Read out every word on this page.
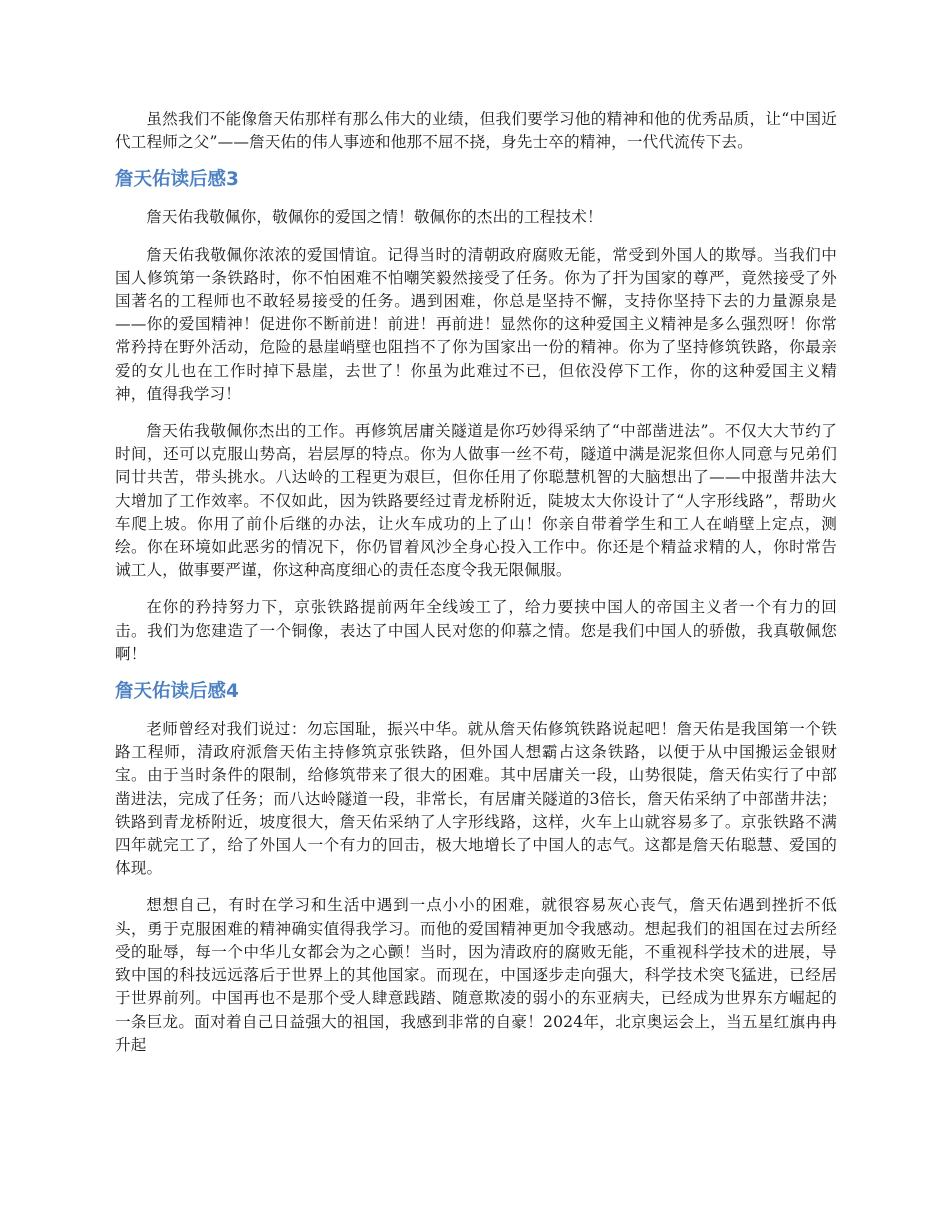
虽然我们不能像詹天佑那样有那么伟大的业绩，但我们要学习他的精神和他的优秀品质，让“中国近代工程师之父”——詹天佑的伟人事迹和他那不屈不挠，身先士卒的精神，一代代流传下去。

詹天佑读后感3

詹天佑我敬佩你，敬佩你的爱国之情！敬佩你的杰出的工程技术！

詹天佑我敬佩你浓浓的爱国情谊。记得当时的清朝政府腐败无能，常受到外国人的欺辱。当我们中国人修筑第一条铁路时，你不怕困难不怕嘲笑毅然接受了任务。你为了扞为国家的尊严，竟然接受了外国著名的工程师也不敢轻易接受的任务。遇到困难，你总是坚持不懈，支持你坚持下去的力量源泉是——你的爱国精神！促进你不断前进！前进！再前进！显然你的这种爱国主义精神是多么强烈呀！你常常矜持在野外活动，危险的悬崖峭壁也阻挡不了你为国家出一份的精神。你为了坚持修筑铁路，你最亲爱的女儿也在工作时掉下悬崖，去世了！你虽为此难过不已，但依没停下工作，你的这种爱国主义精神，值得我学习！

詹天佑我敬佩你杰出的工作。再修筑居庸关隧道是你巧妙得采纳了“中部凿进法”。不仅大大节约了时间，还可以克服山势高，岩层厚的特点。你为人做事一丝不苟，隧道中满是泥浆但你人同意与兄弟们同廿共苦，带头挑水。八达岭的工程更为艰巨，但你任用了你聪慧机智的大脑想出了——中报凿井法大大增加了工作效率。不仅如此，因为铁路要经过青龙桥附近，陡坡太大你设计了“人字形线路”，帮助火车爬上坡。你用了前仆后继的办法，让火车成功的上了山！你亲自带着学生和工人在峭壁上定点，测绘。你在环境如此恶劣的情况下，你仍冒着风沙全身心投入工作中。你还是个精益求精的人，你时常告诫工人，做事要严谨，你这种高度细心的责任态度令我无限佩服。

在你的矜持努力下，京张铁路提前两年全线竣工了，给力要挟中国人的帝国主义者一个有力的回击。我们为您建造了一个铜像，表达了中国人民对您的仰慕之情。您是我们中国人的骄傲，我真敬佩您啊！

詹天佑读后感4

老师曾经对我们说过：勿忘国耻，振兴中华。就从詹天佑修筑铁路说起吧！詹天佑是我国第一个铁路工程师，清政府派詹天佑主持修筑京张铁路，但外国人想霸占这条铁路，以便于从中国搬运金银财宝。由于当时条件的限制，给修筑带来了很大的困难。其中居庸关一段，山势很陡，詹天佑实行了中部凿进法，完成了任务；而八达岭隧道一段，非常长，有居庸关隧道的3倍长，詹天佑采纳了中部凿井法；铁路到青龙桥附近，坡度很大，詹天佑采纳了人字形线路，这样，火车上山就容易多了。京张铁路不满四年就完工了，给了外国人一个有力的回击，极大地增长了中国人的志气。这都是詹天佑聪慧、爱国的体现。

想想自己，有时在学习和生活中遇到一点小小的困难，就很容易灰心丧气，詹天佑遇到挫折不低头，勇于克服困难的精神确实值得我学习。而他的爱国精神更加令我感动。想起我们的祖国在过去所经受的耻辱，每一个中华儿女都会为之心颤！当时，因为清政府的腐败无能，不重视科学技术的进展，导致中国的科技远远落后于世界上的其他国家。而现在，中国逐步走向强大，科学技术突飞猛进，已经居于世界前列。中国再也不是那个受人肆意践踏、随意欺凌的弱小的东亚病夫，已经成为世界东方崛起的一条巨龙。面对着自己日益强大的祖国，我感到非常的自豪！2024年，北京奥运会上，当五星红旗冉冉升起
